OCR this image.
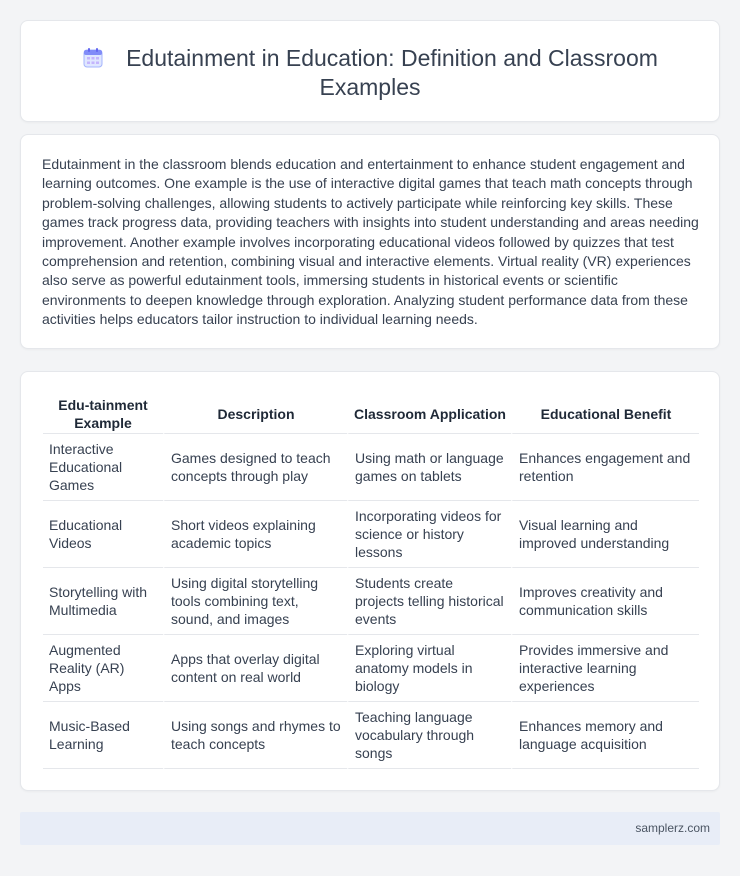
Edutainment in Education: Definition and Classroom Examples

Edutainment in the classroom blends education and entertainment to enhance student engagement and learning outcomes. One example is the use of interactive digital games that teach math concepts through problem-solving challenges, allowing students to actively participate while reinforcing key skills. These games track progress data, providing teachers with insights into student understanding and areas needing improvement. Another example involves incorporating educational videos followed by quizzes that test comprehension and retention, combining visual and interactive elements. Virtual reality (VR) experiences also serve as powerful edutainment tools, immersing students in historical events or scientific environments to deepen knowledge through exploration. Analyzing student performance data from these activities helps educators tailor instruction to individual learning needs.

Edu-tainment Example	Description	Classroom Application	Educational Benefit
Interactive Educational Games	Games designed to teach concepts through play	Using math or language games on tablets	Enhances engagement and retention
Educational Videos	Short videos explaining academic topics	Incorporating videos for science or history lessons	Visual learning and improved understanding
Storytelling with Multimedia	Using digital storytelling tools combining text, sound, and images	Students create projects telling historical events	Improves creativity and communication skills
Augmented Reality (AR) Apps	Apps that overlay digital content on real world	Exploring virtual anatomy models in biology	Provides immersive and interactive learning experiences
Music-Based Learning	Using songs and rhymes to teach concepts	Teaching language vocabulary through songs	Enhances memory and language acquisition
samplerz.com
